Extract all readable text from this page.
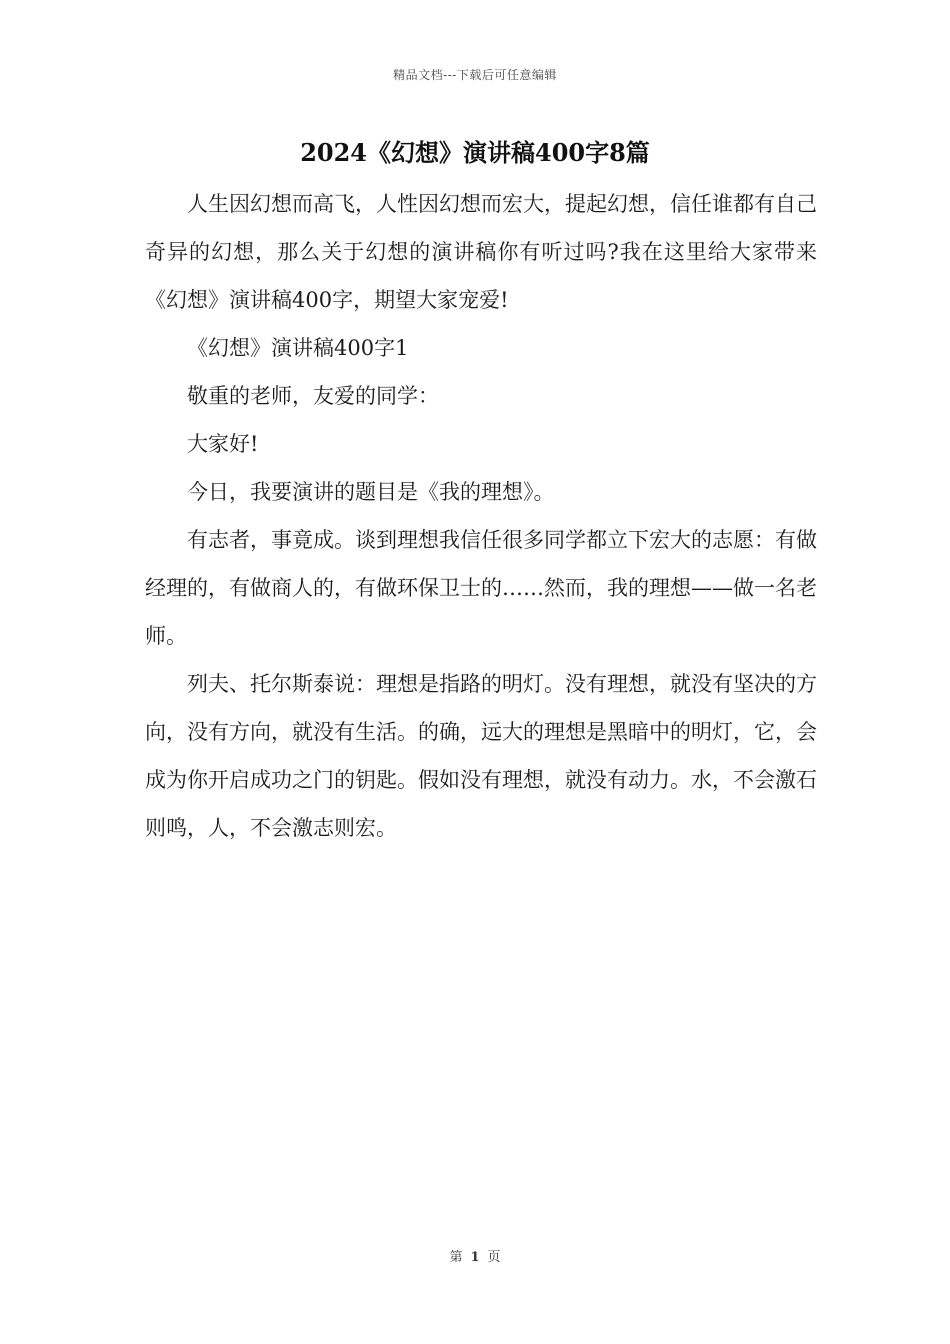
精品文档---下载后可任意编辑
2024《幻想》演讲稿400字8篇

人生因幻想而高飞，人性因幻想而宏大，提起幻想，信任谁都有自己奇异的幻想，那么关于幻想的演讲稿你有听过吗?我在这里给大家带来《幻想》演讲稿400字，期望大家宠爱!

《幻想》演讲稿400字1

敬重的老师，友爱的同学：

大家好!

今日，我要演讲的题目是《我的理想》。

有志者，事竟成。谈到理想我信任很多同学都立下宏大的志愿：有做经理的，有做商人的，有做环保卫士的……然而，我的理想——做一名老师。

列夫、托尔斯泰说：理想是指路的明灯。没有理想，就没有坚决的方向，没有方向，就没有生活。的确，远大的理想是黑暗中的明灯，它，会成为你开启成功之门的钥匙。假如没有理想，就没有动力。水，不会激石则鸣，人，不会激志则宏。

第 1 页
